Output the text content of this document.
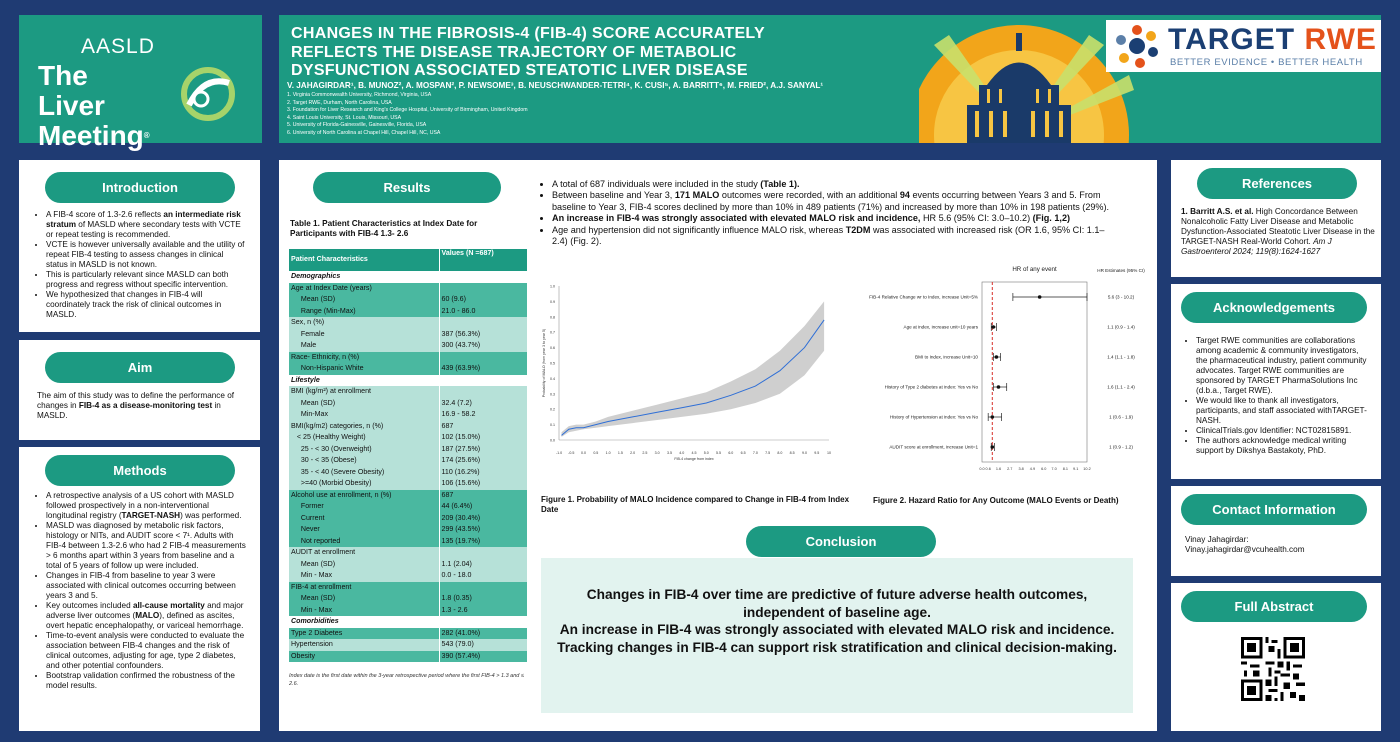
AASLD
The Liver Meeting®
CHANGES IN THE FIBROSIS-4 (FIB-4) SCORE ACCURATELY REFLECTS THE DISEASE TRAJECTORY OF METABOLIC DYSFUNCTION ASSOCIATED STEATOTIC LIVER DISEASE
V. JAHAGIRDAR¹, B. MUNOZ², A. MOSPAN², P. NEWSOME³, B. NEUSCHWANDER-TETRI⁴, K. CUSI⁵, A. BARRITT⁶, M. FRIED², A.J. SANYAL¹
1. Virginia Commonwealth University, Richmond, Virginia, USA
2. Target RWE, Durham, North Carolina, USA
3. Foundation for Liver Research and King's College Hospital, University of Birmingham, United Kingdom
4. Saint Louis University, St. Louis, Missouri, USA
5. University of Florida-Gainesville, Gainesville, Florida, USA
6. University of North Carolina at Chapel Hill, Chapel Hill, NC, USA
TARGET RWE
BETTER EVIDENCE • BETTER HEALTH
Introduction
• A FIB-4 score of 1.3-2.6 reflects an intermediate risk stratum of MASLD where secondary tests with VCTE or repeat testing is recommended.
• VCTE is however universally available and the utility of repeat FIB-4 testing to assess changes in clinical status in MASLD is not known.
• This is particularly relevant since MASLD can both progress and regress without specific intervention.
• We hypothesized that changes in FIB-4 will coordinately track the risk of clinical outcomes in MASLD.
Aim
The aim of this study was to define the performance of changes in FIB-4 as a disease-monitoring test in MASLD.
Methods
• A retrospective analysis of a US cohort with MASLD followed prospectively in a non-interventional longitudinal registry (TARGET-NASH) was performed.
• MASLD was diagnosed by metabolic risk factors, histology or NITs, and AUDIT score < 7¹. Adults with FIB-4 between 1.3-2.6 who had 2 FIB-4 measurements > 6 months apart within 3 years from baseline and a total of 5 years of follow up were included.
• Changes in FIB-4 from baseline to year 3 were associated with clinical outcomes occurring between years 3 and 5.
• Key outcomes included all-cause mortality and major adverse liver outcomes (MALO), defined as ascites, overt hepatic encephalopathy, or variceal hemorrhage.
• Time-to-event analysis were conducted to evaluate the association between FIB-4 changes and the risk of clinical outcomes, adjusting for age, type 2 diabetes, and other potential confounders.
• Bootstrap validation confirmed the robustness of the model results.
Results
Table 1. Patient Characteristics at Index Date for Participants with FIB-4 1.3- 2.6
Patient Characteristics	Values (N =687)
Demographics	
Age at Index Date (years)	
Mean (SD)	60 (9.6)
Range (Min-Max)	21.0 - 86.0
Sex, n (%)	
Female	387 (56.3%)
Male	300 (43.7%)
Race- Ethnicity, n (%)	
Non-Hispanic White	439 (63.9%)
Lifestyle	
BMI (kg/m²) at enrollment	
Mean (SD)	32.4 (7.2)
Min-Max	16.9 - 58.2
BMI(kg/m2) categories, n (%)	687
< 25 (Healthy Weight)	102 (15.0%)
25 - < 30 (Overweight)	187 (27.5%)
30 - < 35 (Obese)	174 (25.6%)
35 - < 40 (Severe Obesity)	110 (16.2%)
>=40 (Morbid Obesity)	106 (15.6%)
Alcohol use at enrollment, n (%)	687
Former	44 (6.4%)
Current	209 (30.4%)
Never	299 (43.5%)
Not reported	135 (19.7%)
AUDIT at enrollment	
Mean (SD)	1.1 (2.04)
Min - Max	0.0 - 18.0
FIB-4 at enrollment	
Mean (SD)	1.8 (0.35)
Min - Max	1.3 - 2.6
Comorbidities	
Type 2 Diabetes	282 (41.0%)
Hypertension	543 (79.0)
Obesity	390 (57.4%)
Index date is the first date within the 3-year retrospective period where the first FIB-4 > 1.3 and ≤ 2.6.
• A total of 687 individuals were included in the study (Table 1).
• Between baseline and Year 3, 171 MALO outcomes were recorded, with an additional 94 events occurring between Years 3 and 5. From baseline to Year 3, FIB-4 scores declined by more than 10% in 489 patients (71%) and increased by more than 10% in 198 patients (29%).
• An increase in FIB-4 was strongly associated with elevated MALO risk and incidence, HR 5.6 (95% CI: 3.0–10.2) (Fig. 1,2)
• Age and hypertension did not significantly influence MALO risk, whereas T2DM was associated with increased risk (OR 1.6, 95% CI: 1.1–2.4) (Fig. 2).
0.0
0.1
0.2
0.3
0.4
0.5
0.6
0.7
0.8
0.9
1.0
-1.0 -0.5 0.0 0.5 1.0 1.5 2.0 2.5 3.0 3.5 4.0 4.5 5.0 5.5 6.0 6.5 7.0 7.5 8.0 8.5 9.0 9.5 10
FIB-4 change from index
Probability of MALO (from year 3 to year 5)
HR of any event	HR Estimates (95% CI)
0.0 0.6 1.6 2.7 3.8 4.9 6.0 7.0 8.1 9.1 10.2
FIB-4 Relative Change wr to Index, increase Unit=5%	5.6 (3 - 10.2)
Age at index, increase unit=10 years	1.1 (0.9 - 1.4)
BMI to Index, increase Unit=10	1.4 (1.1 - 1.8)
History of Type 2 diabetes at index: Yes vs No	1.6 (1.1 - 2.4)
History of Hypertension at index: Yes vs No	1 (0.6 - 1.9)
AUDIT score at enrollment, increase Unit=1	1 (0.9 - 1.2)
Figure 1. Probability of MALO Incidence compared to Change in FIB-4 from Index Date
Figure 2. Hazard Ratio for Any Outcome (MALO Events or Death)
Conclusion
Changes in FIB-4 over time are predictive of future adverse health outcomes, independent of baseline age.
An increase in FIB-4 was strongly associated with elevated MALO risk and incidence.
Tracking changes in FIB-4 can support risk stratification and clinical decision-making.
References
1. Barritt A.S. et al. High Concordance Between Nonalcoholic Fatty Liver Disease and Metabolic Dysfunction-Associated Steatotic Liver Disease in the TARGET-NASH Real-World Cohort. Am J Gastroenterol 2024; 119(8):1624-1627
Acknowledgements
• Target RWE communities are collaborations among academic & community investigators, the pharmaceutical industry, patient community advocates. Target RWE communities are sponsored by TARGET PharmaSolutions Inc (d.b.a., Target RWE).
• We would like to thank all investigators, participants, and staff associated withTARGET-NASH.
• ClinicalTrials.gov Identifier: NCT02815891.
• The authors acknowledge medical writing support by Dikshya Bastakoty, PhD.
Contact Information
Vinay Jahagirdar:
Vinay.jahagirdar@vcuhealth.com
Full Abstract
